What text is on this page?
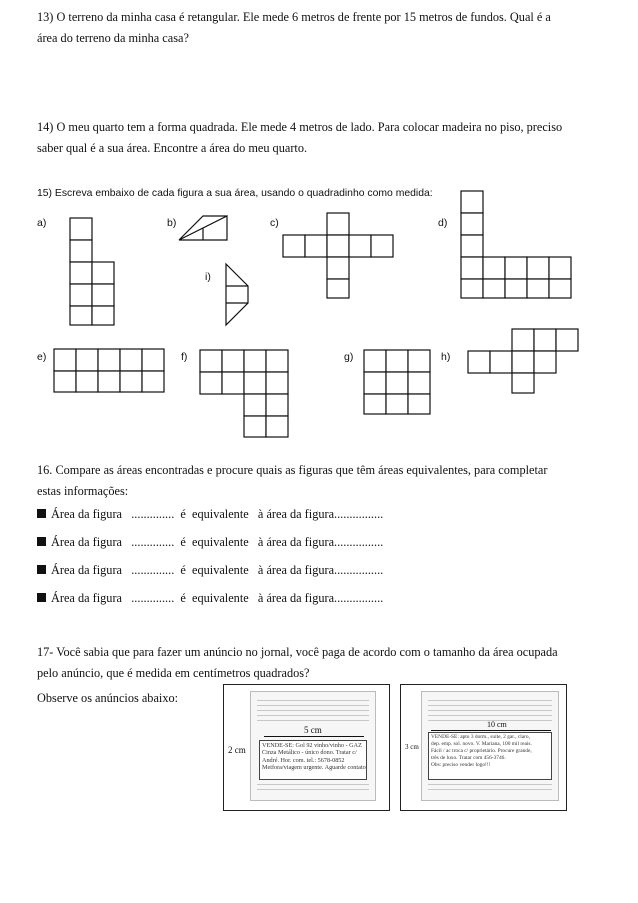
13) O terreno da minha casa é retangular. Ele mede 6 metros de frente por 15 metros de fundos. Qual é a
área do terreno da minha casa?
14) O meu quarto tem a forma quadrada. Ele mede 4 metros de lado. Para colocar madeira no piso, preciso
saber qual é a sua área. Encontre a área do meu quarto.
15) Escreva embaixo de cada figura a sua área, usando o quadradinho como medida:
a)	b)	c)	d)
i)
e)	f)	g)	h)
16. Compare as áreas encontradas e procure quais as figuras que têm áreas equivalentes, para completar
estas informações:
Área da figura   ..............  é  equivalente   à área da figura................
Área da figura   ..............  é  equivalente   à área da figura................
Área da figura   ..............  é  equivalente   à área da figura................
Área da figura   ..............  é  equivalente   à área da figura................
17- Você sabia que para fazer um anúncio no jornal, você paga de acordo com o tamanho da área ocupada
pelo anúncio, que é medida em centímetros quadrados?
Observe os anúncios abaixo:
VENDE-SE: Gol 92 vinho/vinho - GAZ
Cinza Metálico - único dono. Tratar c/
André. Hor. com. tel.: 5678-0852
Metfora/viagem urgente. Aguarde contato
5 cm
2 cm
VENDE-SE: apto 3 dorm., suíte, 2 gar., claro,
dep. emp. sol. novo. V. Mariana, 100 mil reais.
Fácil / ac troca c/ proprietário. Procure grande,
três de luxo. Tratar com 456-3746.
Obs: preciso vender logo!!!
10 cm
3 cm
